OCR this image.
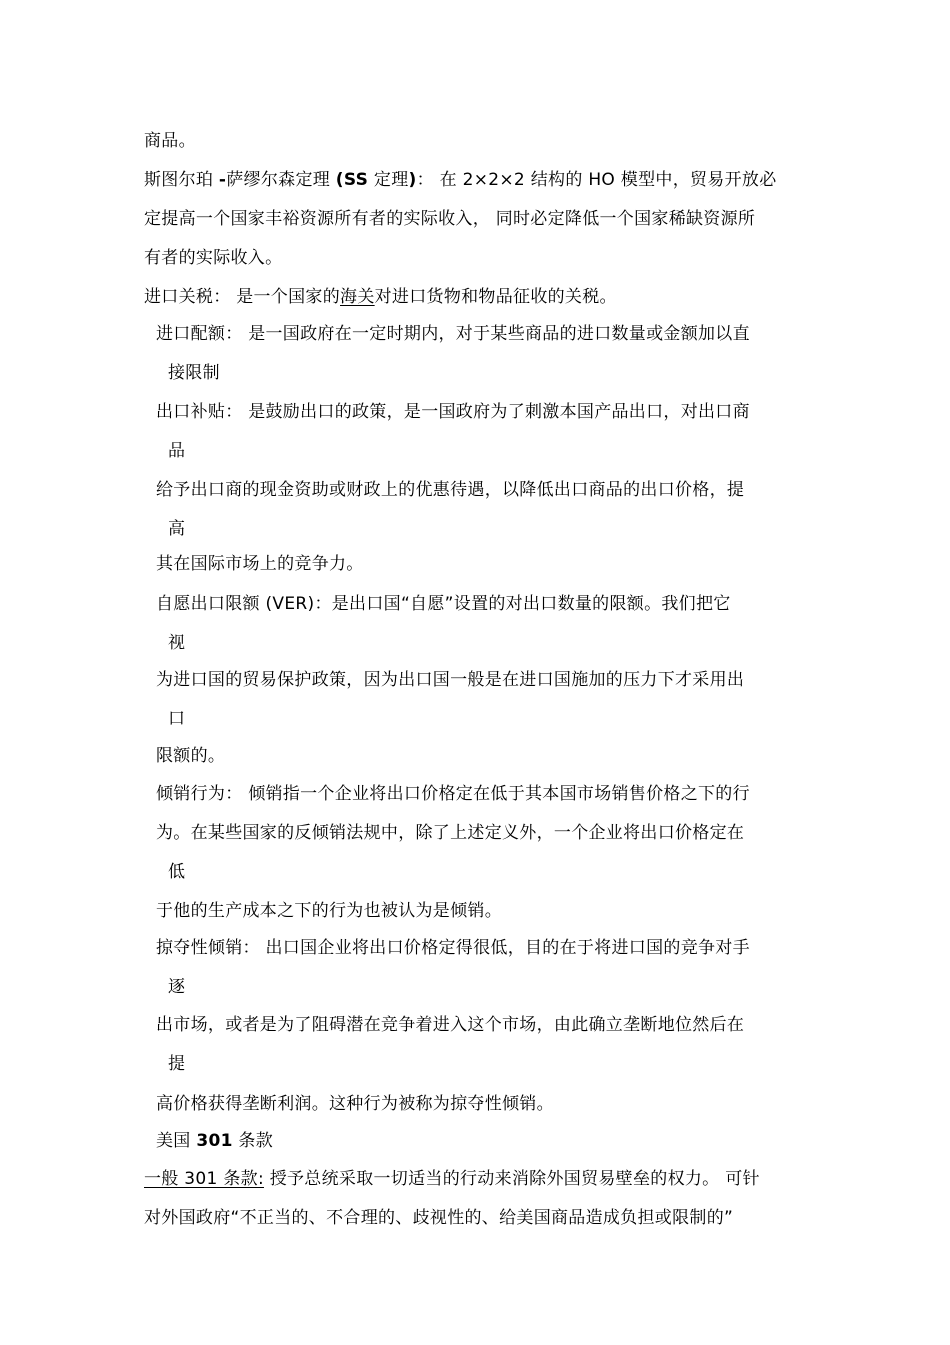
商品。
斯图尔珀 -萨缪尔森定理 (SS 定理)： 在 2×2×2 结构的 HO 模型中，贸易开放必
定提高一个国家丰裕资源所有者的实际收入， 同时必定降低一个国家稀缺资源所
有者的实际收入。
进口关税： 是一个国家的海关对进口货物和物品征收的关税。
进口配额： 是一国政府在一定时期内，对于某些商品的进口数量或金额加以直
接限制
出口补贴： 是鼓励出口的政策，是一国政府为了刺激本国产品出口，对出口商
品
给予出口商的现金资助或财政上的优惠待遇，以降低出口商品的出口价格，提
高
其在国际市场上的竞争力。
自愿出口限额 (VER)：是出口国“自愿”设置的对出口数量的限额。我们把它
视
为进口国的贸易保护政策，因为出口国一般是在进口国施加的压力下才采用出
口
限额的。
倾销行为： 倾销指一个企业将出口价格定在低于其本国市场销售价格之下的行
为。在某些国家的反倾销法规中，除了上述定义外，一个企业将出口价格定在
低
于他的生产成本之下的行为也被认为是倾销。
掠夺性倾销： 出口国企业将出口价格定得很低，目的在于将进口国的竞争对手
逐
出市场，或者是为了阻碍潜在竞争着进入这个市场，由此确立垄断地位然后在
提
高价格获得垄断利润。这种行为被称为掠夺性倾销。
美国 301 条款
一般 301 条款: 授予总统采取一切适当的行动来消除外国贸易壁垒的权力。 可针
对外国政府“不正当的、不合理的、歧视性的、给美国商品造成负担或限制的”
